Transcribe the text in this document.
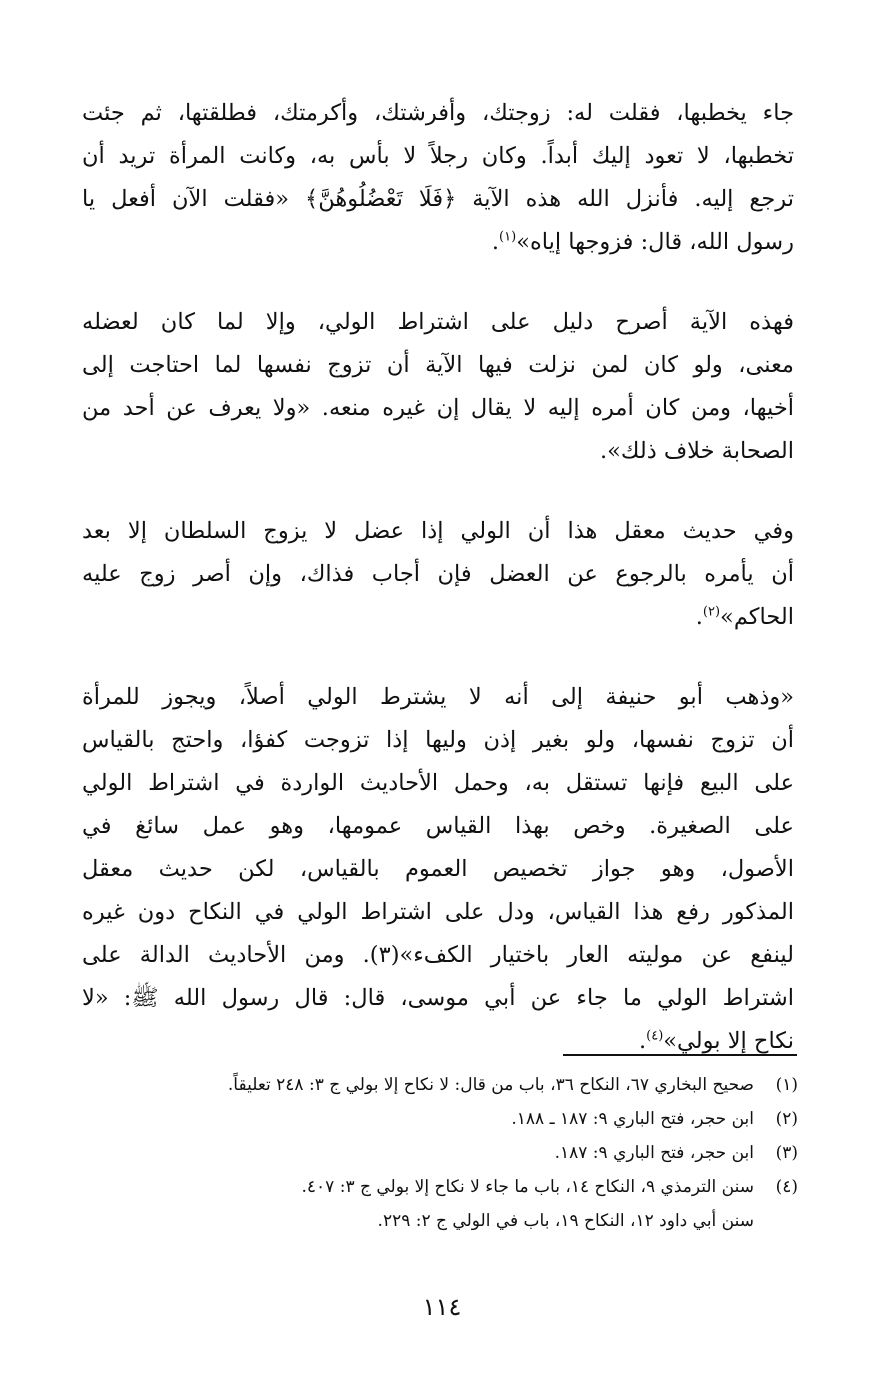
جاء يخطبها، فقلت له: زوجتك، وأفرشتك، وأكرمتك، فطلقتها، ثم جئت
تخطبها، لا تعود إليك أبداً. وكان رجلاً لا بأس به، وكانت المرأة تريد أن
ترجع إليه. فأنزل الله هذه الآية ﴿فَلَا تَعْضُلُوهُنَّ﴾ «فقلت الآن أفعل يا
رسول الله، قال: فزوجها إياه»$^{(١)}$.
فهذه الآية أصرح دليل على اشتراط الولي، وإلا لما كان لعضله
معنى، ولو كان لمن نزلت فيها الآية أن تزوج نفسها لما احتاجت إلى
أخيها، ومن كان أمره إليه لا يقال إن غيره منعه. «ولا يعرف عن أحد من
الصحابة خلاف ذلك».
وفي حديث معقل هذا أن الولي إذا عضل لا يزوج السلطان إلا بعد
أن يأمره بالرجوع عن العضل فإن أجاب فذاك، وإن أصر زوج عليه
الحاكم»$^{(٢)}$.
«وذهب أبو حنيفة إلى أنه لا يشترط الولي أصلاً، ويجوز للمرأة
أن تزوج نفسها، ولو بغير إذن وليها إذا تزوجت كفؤا، واحتج بالقياس
على البيع فإنها تستقل به، وحمل الأحاديث الواردة في اشتراط الولي
على الصغيرة. وخص بهذا القياس عمومها، وهو عمل سائغ في
الأصول، وهو جواز تخصيص العموم بالقياس، لكن حديث معقل
المذكور رفع هذا القياس، ودل على اشتراط الولي في النكاح دون غيره
لينفع عن موليته العار باختيار الكفء»(٣). ومن الأحاديث الدالة على
اشتراط الولي ما جاء عن أبي موسى، قال: قال رسول الله ﷺ: «لا
نكاح إلا بولي»$^{(٤)}$.
(١)صحيح البخاري ٦٧، النكاح ٣٦، باب من قال: لا نكاح إلا بولي ج ٣: ٢٤٨ تعليقاً.
(٢)ابن حجر، فتح الباري ٩: ١٨٧ ـ ١٨٨.
(٣)ابن حجر، فتح الباري ٩: ١٨٧.
(٤)سنن الترمذي ٩، النكاح ١٤، باب ما جاء لا نكاح إلا بولي ج ٣: ٤٠٧.
سنن أبي داود ١٢، النكاح ١٩، باب في الولي ج ٢: ٢٢٩.
١١٤
